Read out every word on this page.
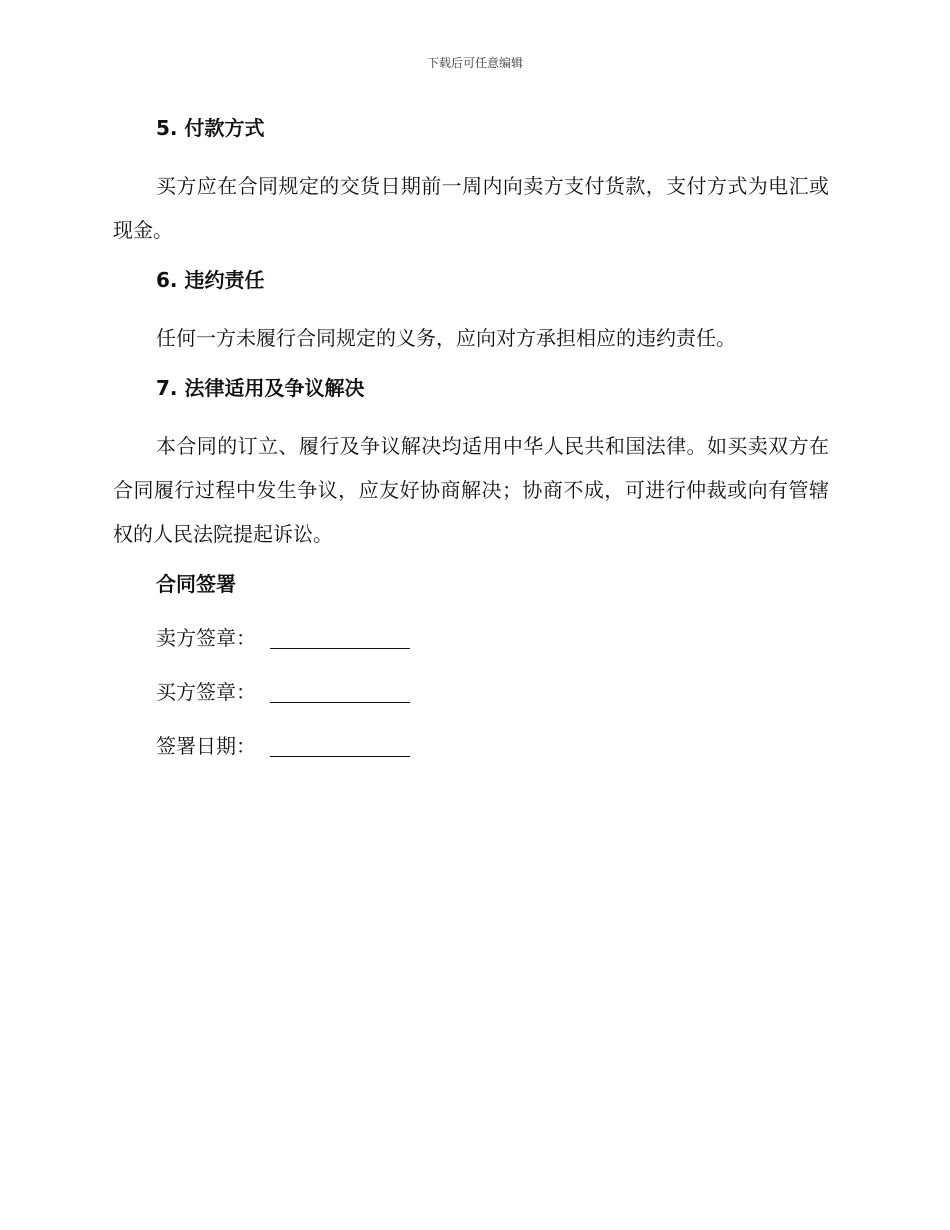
下载后可任意编辑
5. 付款方式

买方应在合同规定的交货日期前一周内向卖方支付货款，支付方式为电汇或现金。

6. 违约责任

任何一方未履行合同规定的义务，应向对方承担相应的违约责任。

7. 法律适用及争议解决

本合同的订立、履行及争议解决均适用中华人民共和国法律。如买卖双方在合同履行过程中发生争议，应友好协商解决；协商不成，可进行仲裁或向有管辖权的人民法院提起诉讼。

合同签署
卖方签章：
买方签章：
签署日期：
